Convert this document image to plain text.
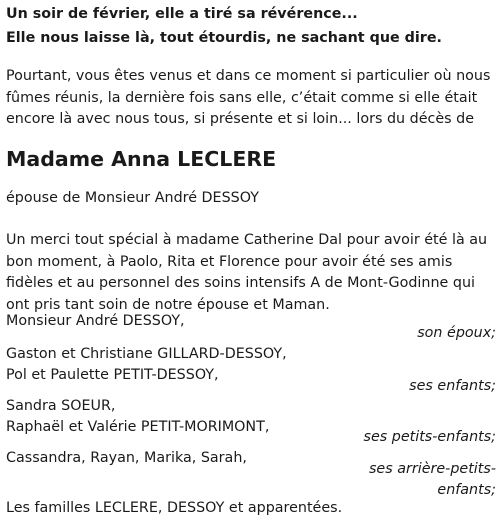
Un soir de février, elle a tiré sa révérence...
Elle nous laisse là, tout étourdis, ne sachant que dire.
Pourtant, vous êtes venus et dans ce moment si particulier où nous fûmes réunis, la dernière fois sans elle, c’était comme si elle était encore là avec nous tous, si présente et si loin... lors du décès de
Madame Anna LECLERE
épouse de Monsieur André DESSOY
Un merci tout spécial à madame Catherine Dal pour avoir été là au bon moment, à Paolo, Rita et Florence pour avoir été ses amis fidèles et au personnel des soins intensifs A de Mont-Godinne qui ont pris tant soin de notre épouse et Maman.
Monsieur André DESSOY,
son époux;
Gaston et Christiane GILLARD-DESSOY,
Pol et Paulette PETIT-DESSOY,
ses enfants;
Sandra SOEUR,
Raphaël et Valérie PETIT-MORIMONT,
ses petits-enfants;
Cassandra, Rayan, Marika, Sarah,
ses arrière-petits-
enfants;
Les familles LECLERE, DESSOY et apparentées.
